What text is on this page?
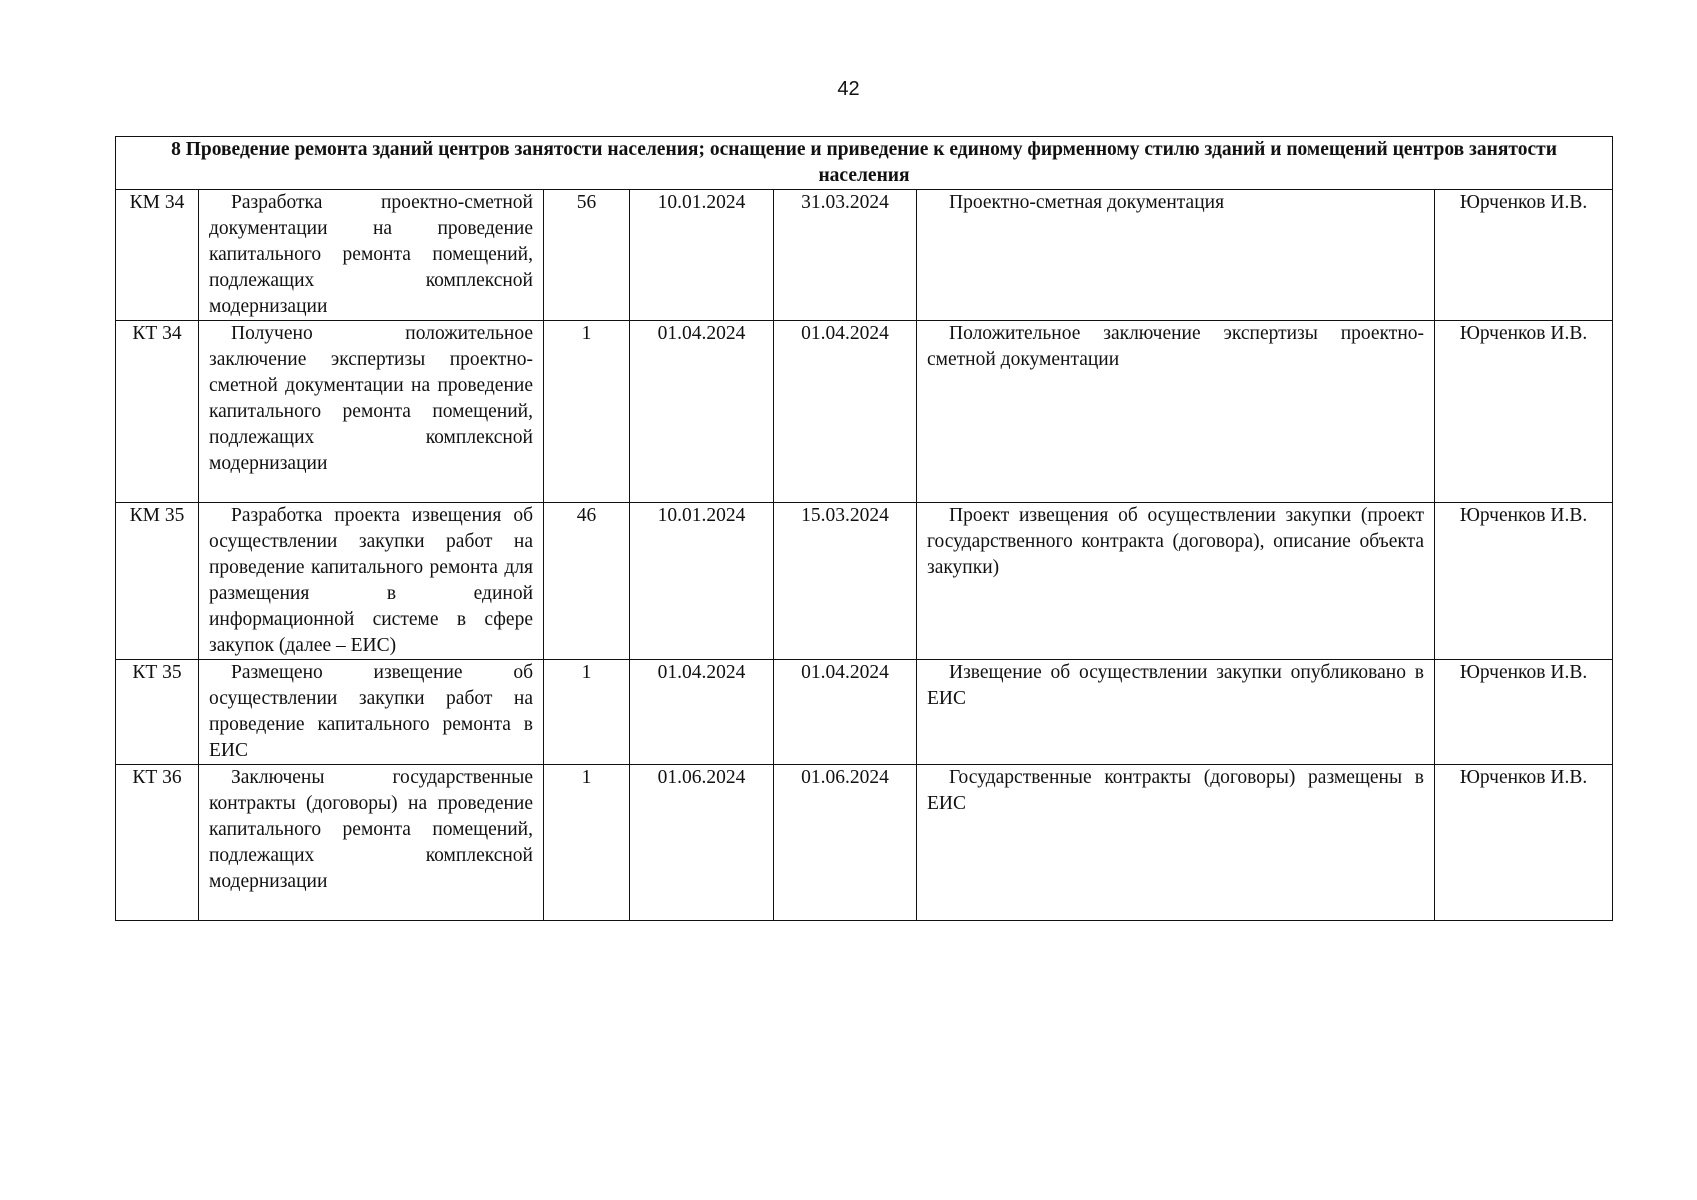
42
8 Проведение ремонта зданий центров занятости населения; оснащение и приведение к единому фирменному стилю зданий и помещений центров занятости населения						
КМ 34	Разработка проектно-сметной документации на проведение капитального ремонта помещений, подлежащих комплексной модернизации	56	10.01.2024	31.03.2024	Проектно-сметная документация	Юрченков И.В.
КТ 34	Получено положительное заключение экспертизы проектно-сметной документации на проведение капитального ремонта помещений, подлежащих комплексной модернизации	1	01.04.2024	01.04.2024	Положительное заключение экспертизы проектно-сметной документации	Юрченков И.В.
КМ 35	Разработка проекта извещения об осуществлении закупки работ на проведение капитального ремонта для размещения в единой информационной системе в сфере закупок (далее – ЕИС)	46	10.01.2024	15.03.2024	Проект извещения об осуществлении закупки (проект государственного контракта (договора), описание объекта закупки)	Юрченков И.В.
КТ 35	Размещено извещение об осуществлении закупки работ на проведение капитального ремонта в ЕИС	1	01.04.2024	01.04.2024	Извещение об осуществлении закупки опубликовано в ЕИС	Юрченков И.В.
КТ 36	Заключены государственные контракты (договоры) на проведение капитального ремонта помещений, подлежащих комплексной модернизации	1	01.06.2024	01.06.2024	Государственные контракты (договоры) размещены в ЕИС	Юрченков И.В.
